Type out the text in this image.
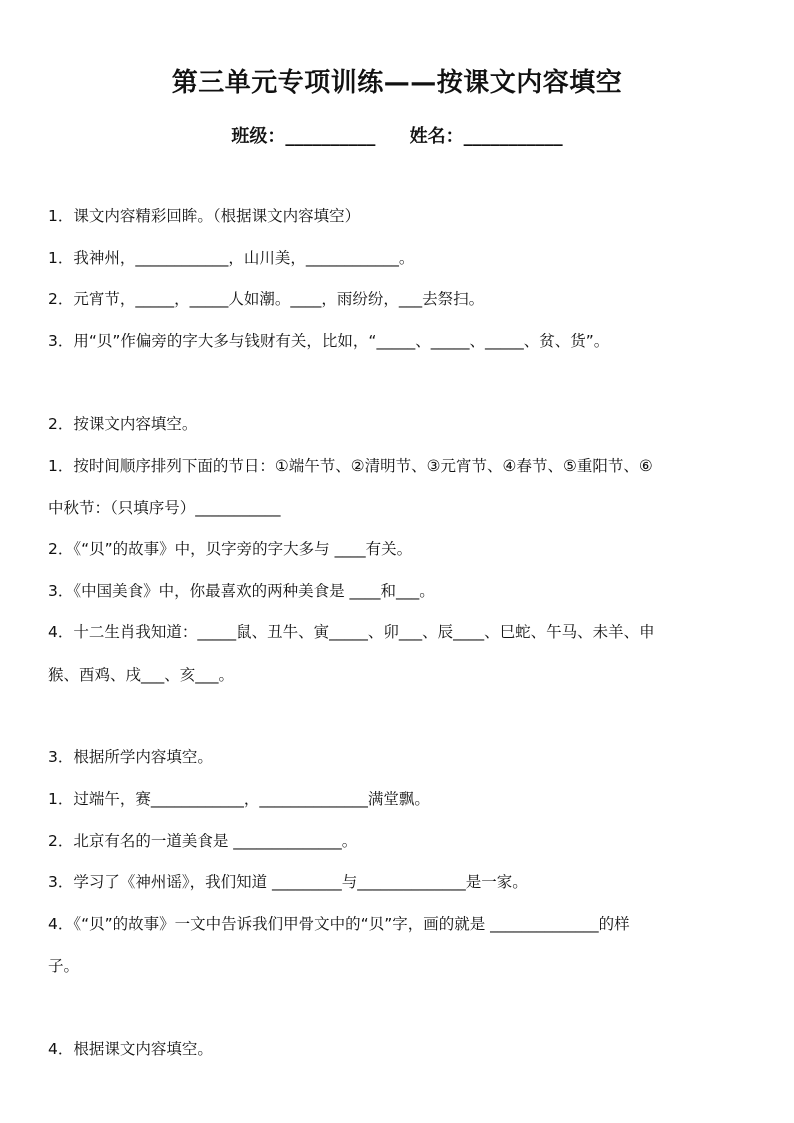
第三单元专项训练——按课文内容填空
班级：__________ 姓名：___________
1．课文内容精彩回眸。（根据课文内容填空）
1．我神州，____________，山川美，____________。
2．元宵节，_____，_____人如潮。____，雨纷纷，___去祭扫。
3．用“贝”作偏旁的字大多与钱财有关，比如，“_____、_____、_____、贫、货”。
2．按课文内容填空。
1．按时间顺序排列下面的节日：①端午节、②清明节、③元宵节、④春节、⑤重阳节、⑥
中秋节：（只填序号）___________
2．《“贝”的故事》中，贝字旁的字大多与 ____有关。
3．《中国美食》中，你最喜欢的两种美食是 ____和___。
4．十二生肖我知道：_____鼠、丑牛、寅_____、卯___、辰____、巳蛇、午马、未羊、申
猴、酉鸡、戌___、亥___。
3．根据所学内容填空。
1．过端午，赛____________，______________满堂飘。
2．北京有名的一道美食是 ______________。
3．学习了《神州谣》，我们知道 _________与______________是一家。
4．《“贝”的故事》一文中告诉我们甲骨文中的“贝”字，画的就是 ______________的样
子。
4．根据课文内容填空。
